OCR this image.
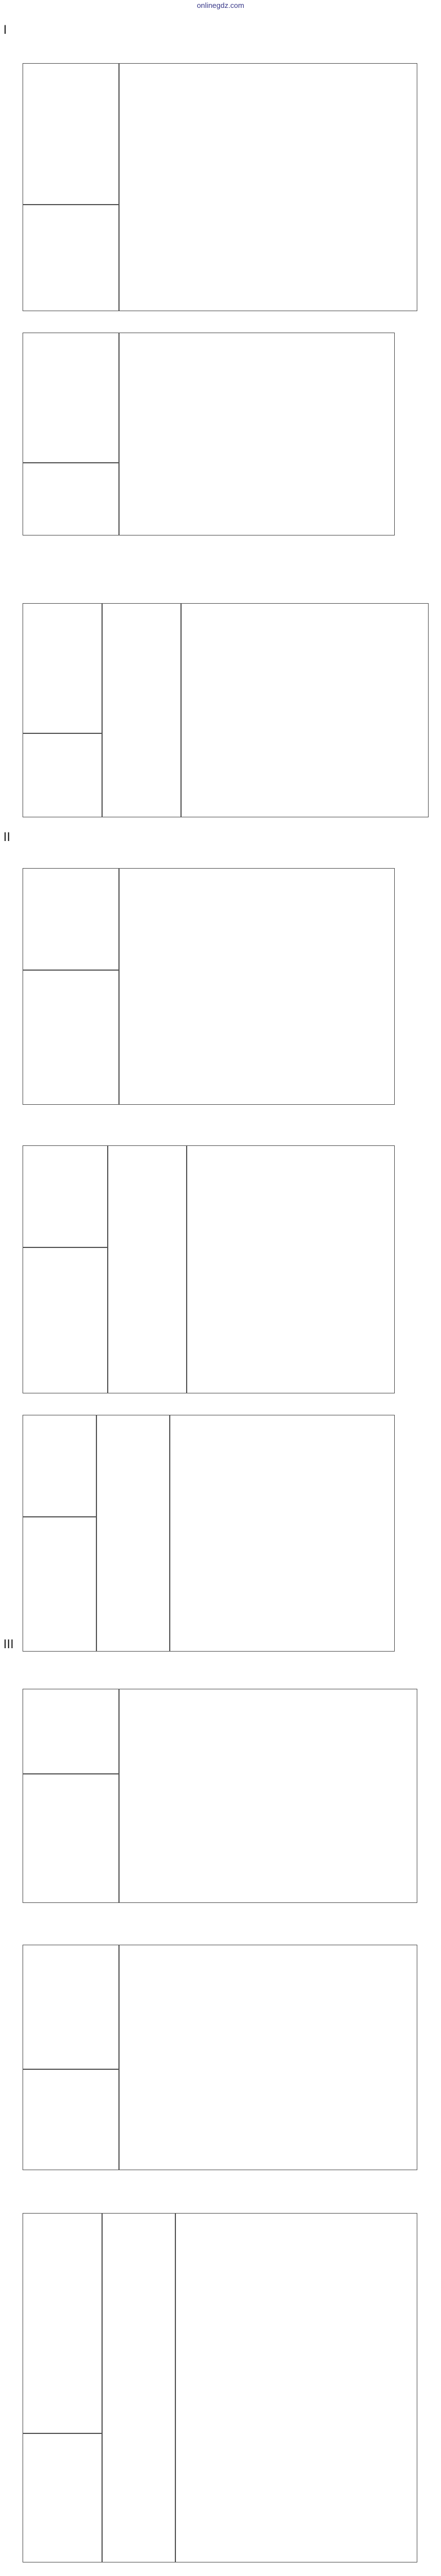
onlinegdz.com
I
II
III
